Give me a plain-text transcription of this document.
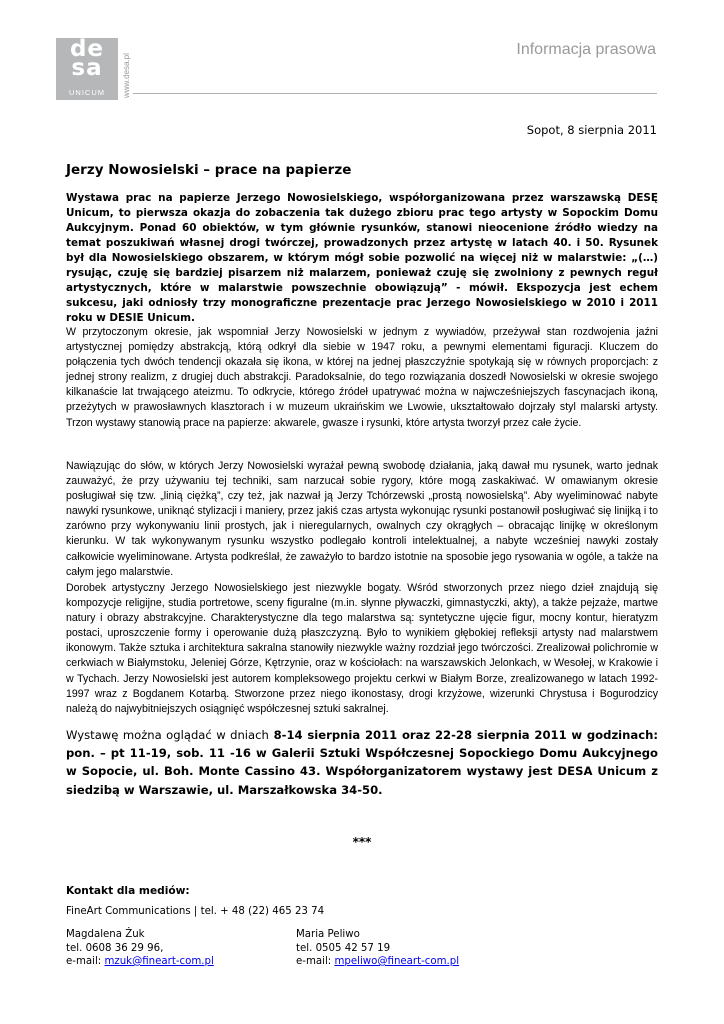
de
sa
UNICUM	www.desa.pl
Informacja prasowa
Sopot, 8 sierpnia 2011
Jerzy Nowosielski – prace na papierze

Wystawa prac na papierze Jerzego Nowosielskiego, współorganizowana przez warszawską DESĘ Unicum, to pierwsza okazja do zobaczenia tak dużego zbioru prac tego artysty w Sopockim Domu Aukcyjnym. Ponad 60 obiektów, w tym głównie rysunków, stanowi nieocenione źródło wiedzy na temat poszukiwań własnej drogi twórczej, prowadzonych przez artystę w latach 40. i 50. Rysunek był dla Nowosielskiego obszarem, w którym mógł sobie pozwolić na więcej niż w malarstwie: „(…) rysując, czuję się bardziej pisarzem niż malarzem, ponieważ czuję się zwolniony z pewnych reguł artystycznych, które w malarstwie powszechnie obowiązują” - mówił. Ekspozycja jest echem sukcesu, jaki odniosły trzy monograficzne prezentacje prac Jerzego Nowosielskiego w 2010 i 2011 roku w DESIE Unicum.

W przytoczonym okresie, jak wspomniał Jerzy Nowosielski w jednym z wywiadów, przeżywał stan rozdwojenia jaźni artystycznej pomiędzy abstrakcją, którą odkrył dla siebie w 1947 roku, a pewnymi elementami figuracji. Kluczem do połączenia tych dwóch tendencji okazała się ikona, w której na jednej płaszczyźnie spotykają się w równych proporcjach: z jednej strony realizm, z drugiej duch abstrakcji. Paradoksalnie, do tego rozwiązania doszedł Nowosielski w okresie swojego kilkanaście lat trwającego ateizmu. To odkrycie, którego źródeł upatrywać można w najwcześniejszych fascynacjach ikoną, przeżytych w prawosławnych klasztorach i w muzeum ukraińskim we Lwowie, ukształtowało dojrzały styl malarski artysty. Trzon wystawy stanowią prace na papierze: akwarele, gwasze i rysunki, które artysta tworzył przez całe życie.

Nawiązując do słów, w których Jerzy Nowosielski wyrażał pewną swobodę działania, jaką dawał mu rysunek, warto jednak zauważyć, że przy używaniu tej techniki, sam narzucał sobie rygory, które mogą zaskakiwać. W omawianym okresie posługiwał się tzw. „linią ciężką”, czy też, jak nazwał ją Jerzy Tchórzewski „prostą nowosielską”. Aby wyeliminować nabyte nawyki rysunkowe, uniknąć stylizacji i maniery, przez jakiś czas artysta wykonując rysunki postanowił posługiwać się linijką i to zarówno przy wykonywaniu linii prostych, jak i nieregularnych, owalnych czy okrągłych – obracając linijkę w określonym kierunku. W tak wykonywanym rysunku wszystko podlegało kontroli intelektualnej, a nabyte wcześniej nawyki zostały całkowicie wyeliminowane. Artysta podkreślał, że zaważyło to bardzo istotnie na sposobie jego rysowania w ogóle, a także na całym jego malarstwie.

Dorobek artystyczny Jerzego Nowosielskiego jest niezwykle bogaty. Wśród stworzonych przez niego dzieł znajdują się kompozycje religijne, studia portretowe, sceny figuralne (m.in. słynne pływaczki, gimnastyczki, akty), a także pejzaże, martwe natury i obrazy abstrakcyjne. Charakterystyczne dla tego malarstwa są: syntetyczne ujęcie figur, mocny kontur, hieratyzm postaci, uproszczenie formy i operowanie dużą płaszczyzną. Było to wynikiem głębokiej refleksji artysty nad malarstwem ikonowym. Także sztuka i architektura sakralna stanowiły niezwykle ważny rozdział jego twórczości. Zrealizował polichromie w cerkwiach w Białymstoku, Jeleniej Górze, Kętrzynie, oraz w kościołach: na warszawskich Jelonkach, w Wesołej, w Krakowie i w Tychach. Jerzy Nowosielski jest autorem kompleksowego projektu cerkwi w Białym Borze, zrealizowanego w latach 1992-1997 wraz z Bogdanem Kotarbą. Stworzone przez niego ikonostasy, drogi krzyżowe, wizerunki Chrystusa i Bogurodzicy należą do najwybitniejszych osiągnięć współczesnej sztuki sakralnej.

Wystawę można oglądać w dniach 8-14 sierpnia 2011 oraz 22-28 sierpnia 2011 w godzinach: pon. – pt 11-19, sob. 11 -16 w Galerii Sztuki Współczesnej Sopockiego Domu Aukcyjnego w Sopocie, ul. Boh. Monte Cassino 43. Współorganizatorem wystawy jest DESA Unicum z siedzibą w Warszawie, ul. Marszałkowska 34-50.

***
Kontakt dla mediów:
FineArt Communications | tel. + 48 (22) 465 23 74
Magdalena Żuk
tel. 0608 36 29 96,
e-mail: mzuk@fineart-com.pl
Maria Peliwo
tel. 0505 42 57 19
e-mail: mpeliwo@fineart-com.pl
